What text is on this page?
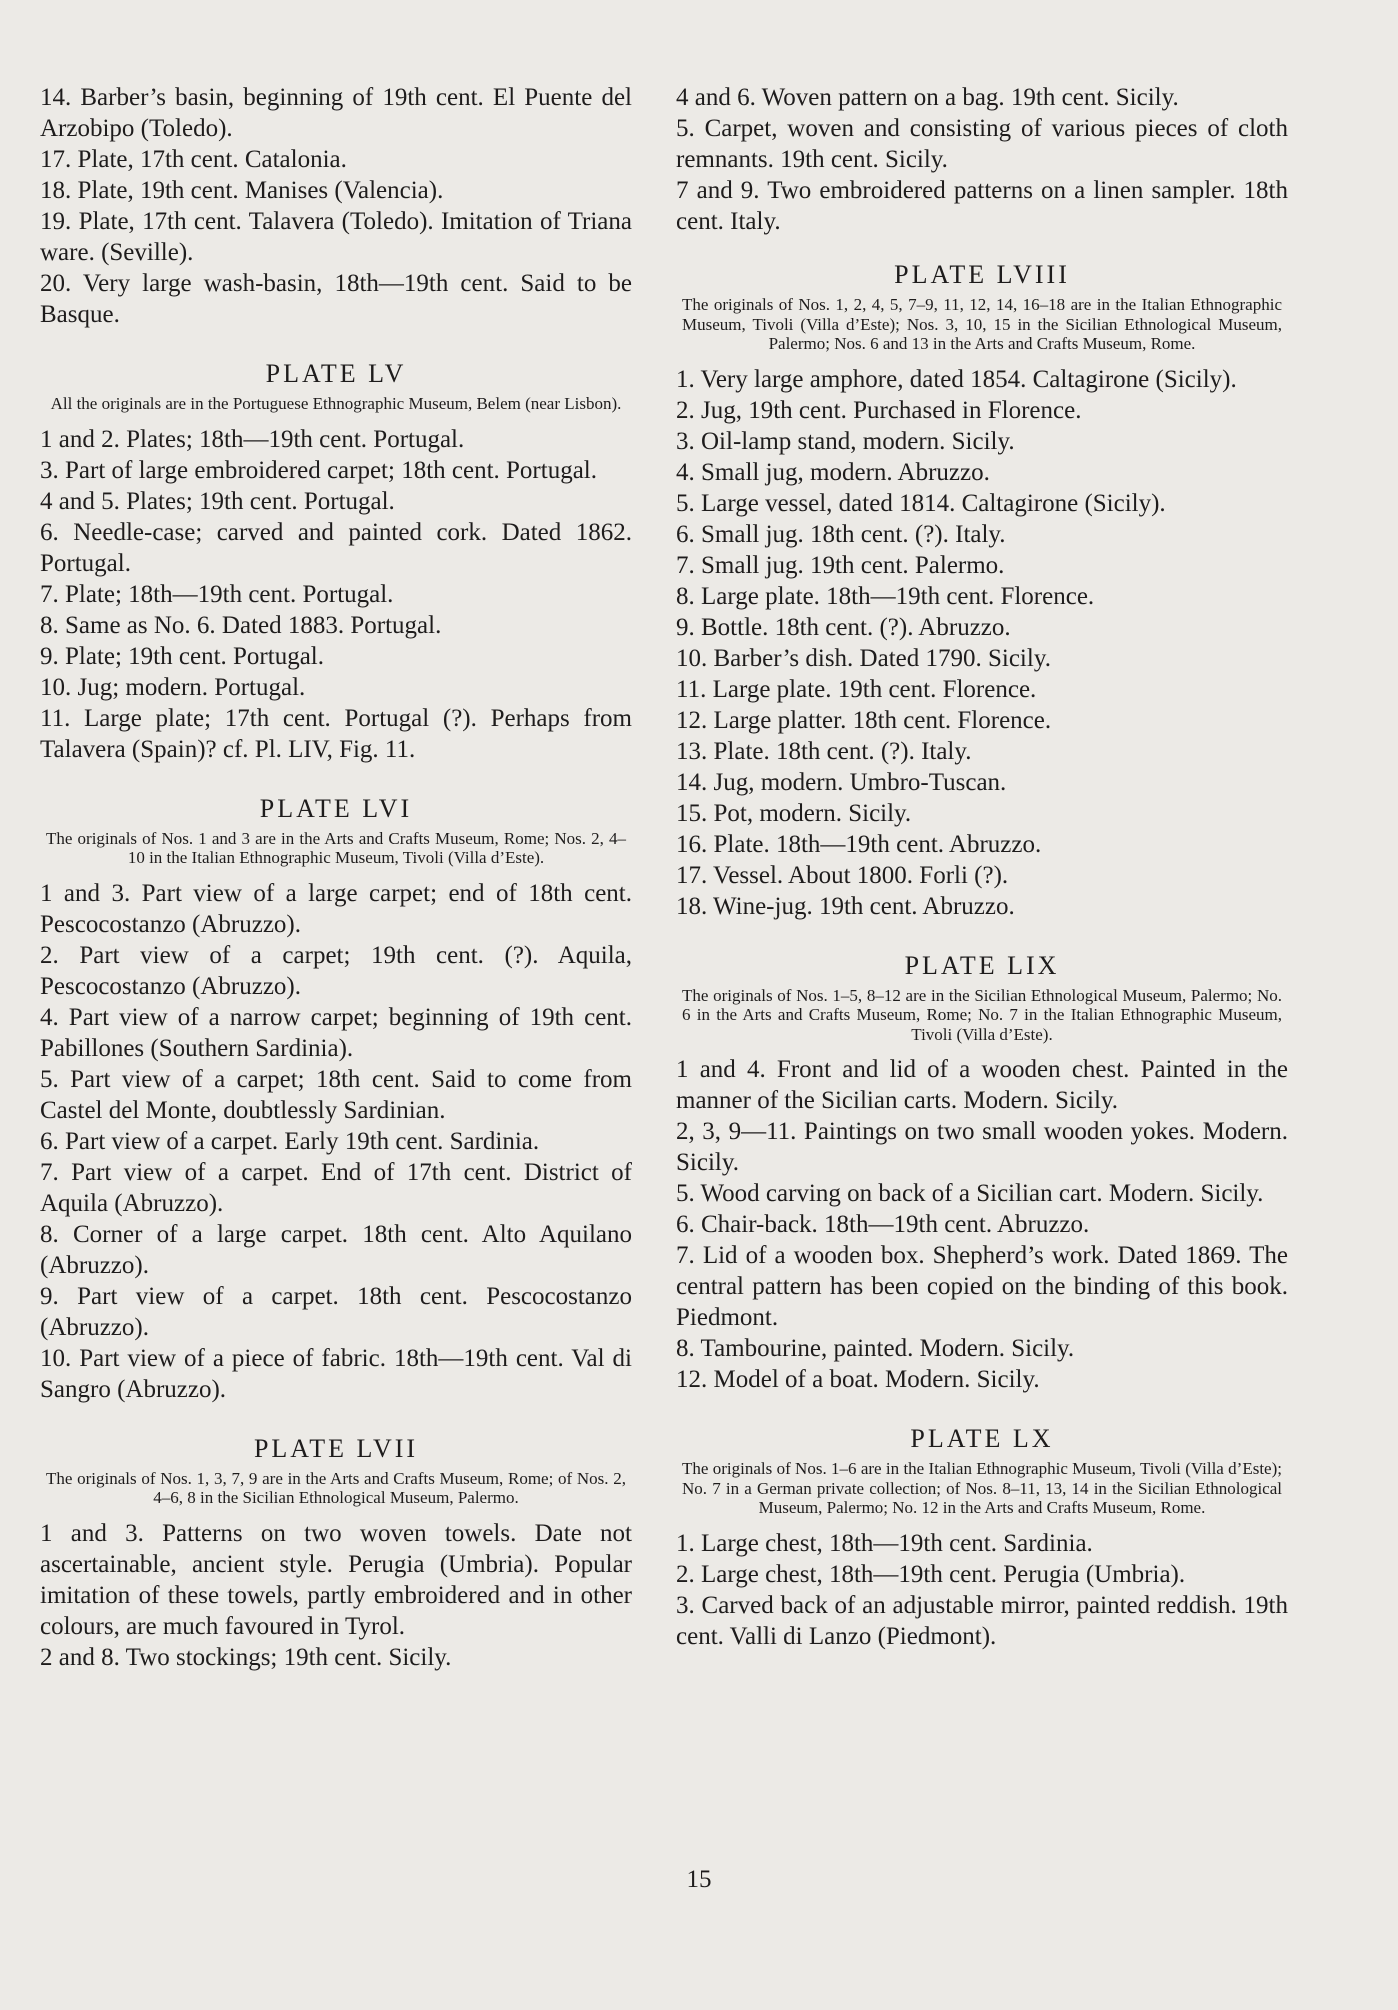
14. Barber’s basin, beginning of 19th cent. El Puente del Arzobipo (Toledo).

17. Plate, 17th cent. Catalonia.

18. Plate, 19th cent. Manises (Valencia).

19. Plate, 17th cent. Talavera (Toledo). Imitation of Triana ware. (Seville).

20. Very large wash-basin, 18th—19th cent. Said to be Basque.

PLATE LV
All the originals are in the Portuguese Ethnographic Museum, Belem (near Lisbon).

1 and 2. Plates; 18th—19th cent. Portugal.

3. Part of large embroidered carpet; 18th cent. Portugal.

4 and 5. Plates; 19th cent. Portugal.

6. Needle-case; carved and painted cork. Dated 1862. Portugal.

7. Plate; 18th—19th cent. Portugal.

8. Same as No. 6. Dated 1883. Portugal.

9. Plate; 19th cent. Portugal.

10. Jug; modern. Portugal.

11. Large plate; 17th cent. Portugal (?). Perhaps from Talavera (Spain)? cf. Pl. LIV, Fig. 11.

PLATE LVI
The originals of Nos. 1 and 3 are in the Arts and Crafts Museum, Rome; Nos. 2, 4–10 in the Italian Ethnographic Museum, Tivoli (Villa d’Este).

1 and 3. Part view of a large carpet; end of 18th cent. Pescocostanzo (Abruzzo).

2. Part view of a carpet; 19th cent. (?). Aquila, Pescocostanzo (Abruzzo).

4. Part view of a narrow carpet; beginning of 19th cent. Pabillones (Southern Sardinia).

5. Part view of a carpet; 18th cent. Said to come from Castel del Monte, doubtlessly Sardinian.

6. Part view of a carpet. Early 19th cent. Sardinia.

7. Part view of a carpet. End of 17th cent. District of Aquila (Abruzzo).

8. Corner of a large carpet. 18th cent. Alto Aquilano (Abruzzo).

9. Part view of a carpet. 18th cent. Pescocostanzo (Abruzzo).

10. Part view of a piece of fabric. 18th—19th cent. Val di Sangro (Abruzzo).

PLATE LVII
The originals of Nos. 1, 3, 7, 9 are in the Arts and Crafts Museum, Rome; of Nos. 2, 4–6, 8 in the Sicilian Ethnological Museum, Palermo.

1 and 3. Patterns on two woven towels. Date not ascertainable, ancient style. Perugia (Umbria). Popular imitation of these towels, partly embroidered and in other colours, are much favoured in Tyrol.

2 and 8. Two stockings; 19th cent. Sicily.

4 and 6. Woven pattern on a bag. 19th cent. Sicily.

5. Carpet, woven and consisting of various pieces of cloth remnants. 19th cent. Sicily.

7 and 9. Two embroidered patterns on a linen sampler. 18th cent. Italy.

PLATE LVIII
The originals of Nos. 1, 2, 4, 5, 7–9, 11, 12, 14, 16–18 are in the Italian Ethnographic Museum, Tivoli (Villa d’Este); Nos. 3, 10, 15 in the Sicilian Ethnological Museum, Palermo; Nos. 6 and 13 in the Arts and Crafts Museum, Rome.

1. Very large amphore, dated 1854. Caltagirone (Sicily).

2. Jug, 19th cent. Purchased in Florence.

3. Oil-lamp stand, modern. Sicily.

4. Small jug, modern. Abruzzo.

5. Large vessel, dated 1814. Caltagirone (Sicily).

6. Small jug. 18th cent. (?). Italy.

7. Small jug. 19th cent. Palermo.

8. Large plate. 18th—19th cent. Florence.

9. Bottle. 18th cent. (?). Abruzzo.

10. Barber’s dish. Dated 1790. Sicily.

11. Large plate. 19th cent. Florence.

12. Large platter. 18th cent. Florence.

13. Plate. 18th cent. (?). Italy.

14. Jug, modern. Umbro-Tuscan.

15. Pot, modern. Sicily.

16. Plate. 18th—19th cent. Abruzzo.

17. Vessel. About 1800. Forli (?).

18. Wine-jug. 19th cent. Abruzzo.

PLATE LIX
The originals of Nos. 1–5, 8–12 are in the Sicilian Ethnological Museum, Palermo; No. 6 in the Arts and Crafts Museum, Rome; No. 7 in the Italian Ethnographic Museum, Tivoli (Villa d’Este).

1 and 4. Front and lid of a wooden chest. Painted in the manner of the Sicilian carts. Modern. Sicily.

2, 3, 9—11. Paintings on two small wooden yokes. Modern. Sicily.

5. Wood carving on back of a Sicilian cart. Modern. Sicily.

6. Chair-back. 18th—19th cent. Abruzzo.

7. Lid of a wooden box. Shepherd’s work. Dated 1869. The central pattern has been copied on the binding of this book. Piedmont.

8. Tambourine, painted. Modern. Sicily.

12. Model of a boat. Modern. Sicily.

PLATE LX
The originals of Nos. 1–6 are in the Italian Ethnographic Museum, Tivoli (Villa d’Este); No. 7 in a German private collection; of Nos. 8–11, 13, 14 in the Sicilian Ethnological Museum, Palermo; No. 12 in the Arts and Crafts Museum, Rome.

1. Large chest, 18th—19th cent. Sardinia.

2. Large chest, 18th—19th cent. Perugia (Umbria).

3. Carved back of an adjustable mirror, painted reddish. 19th cent. Valli di Lanzo (Piedmont).

15
